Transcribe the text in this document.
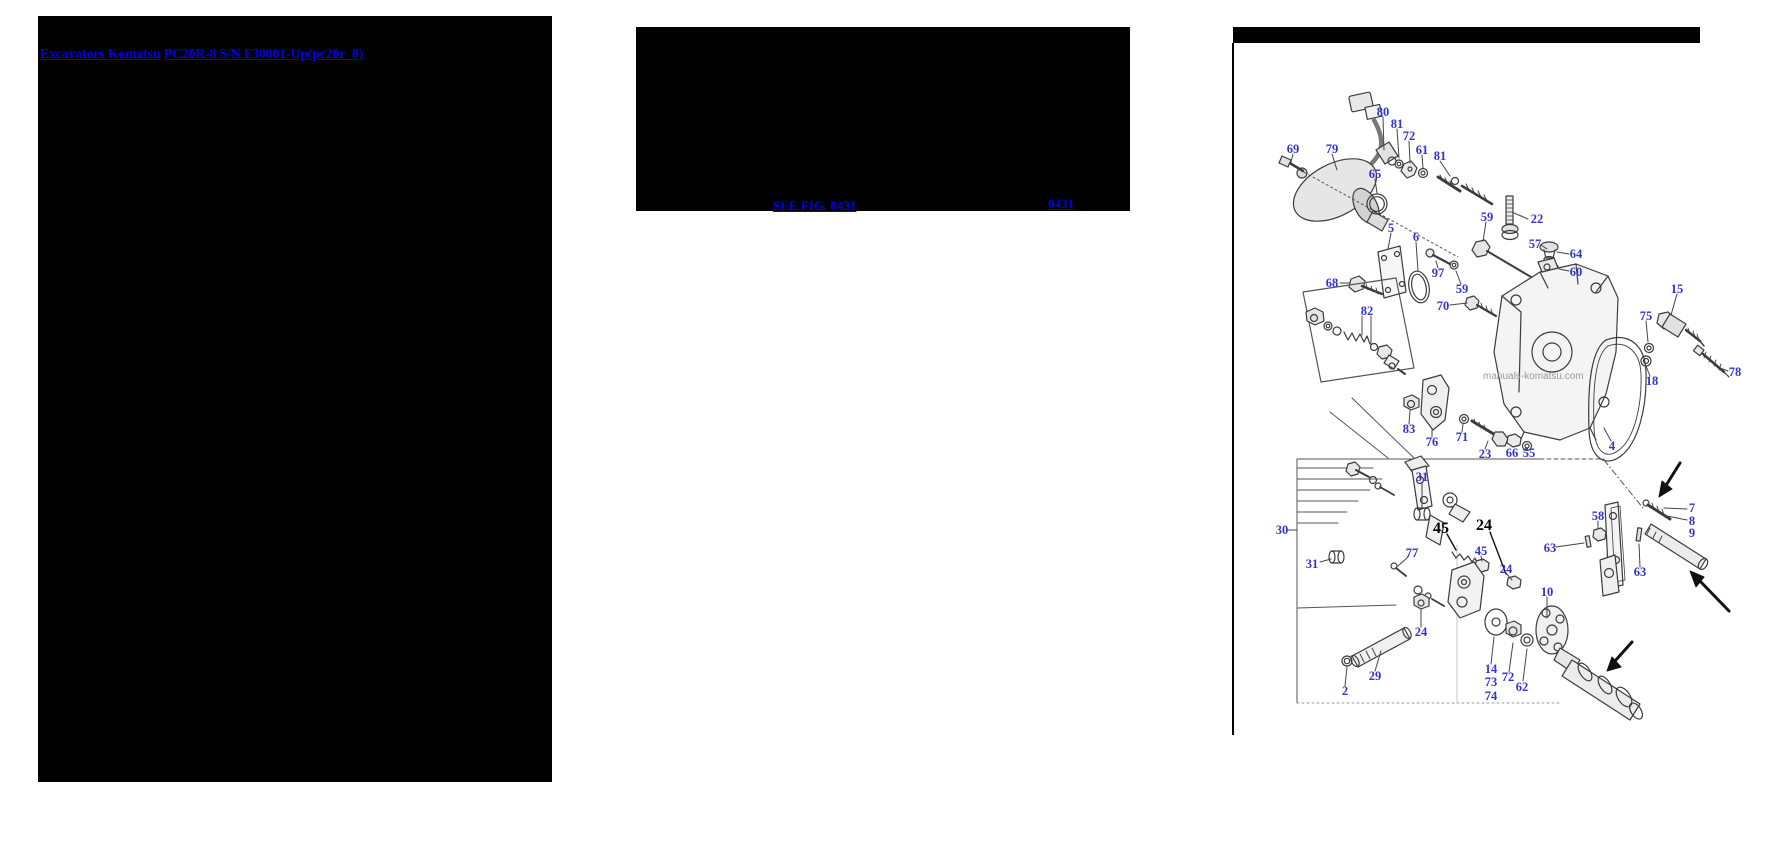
Excavators Komatsu PC20R-8 S/N F30001-Up(pc20r_8)
SEE FIG. 0431	0431
manuals-komatsu.com
69 79
80
81
72
61 81
65
59	22
57
64
60
5
6
68
97
59
70
82
15
75
18
78
4
83
76 71
23 66 55
30
31
31
77
45 24
45
24
58
7
8
9
63
63
10
24
2
29	14
73
74
72
62
